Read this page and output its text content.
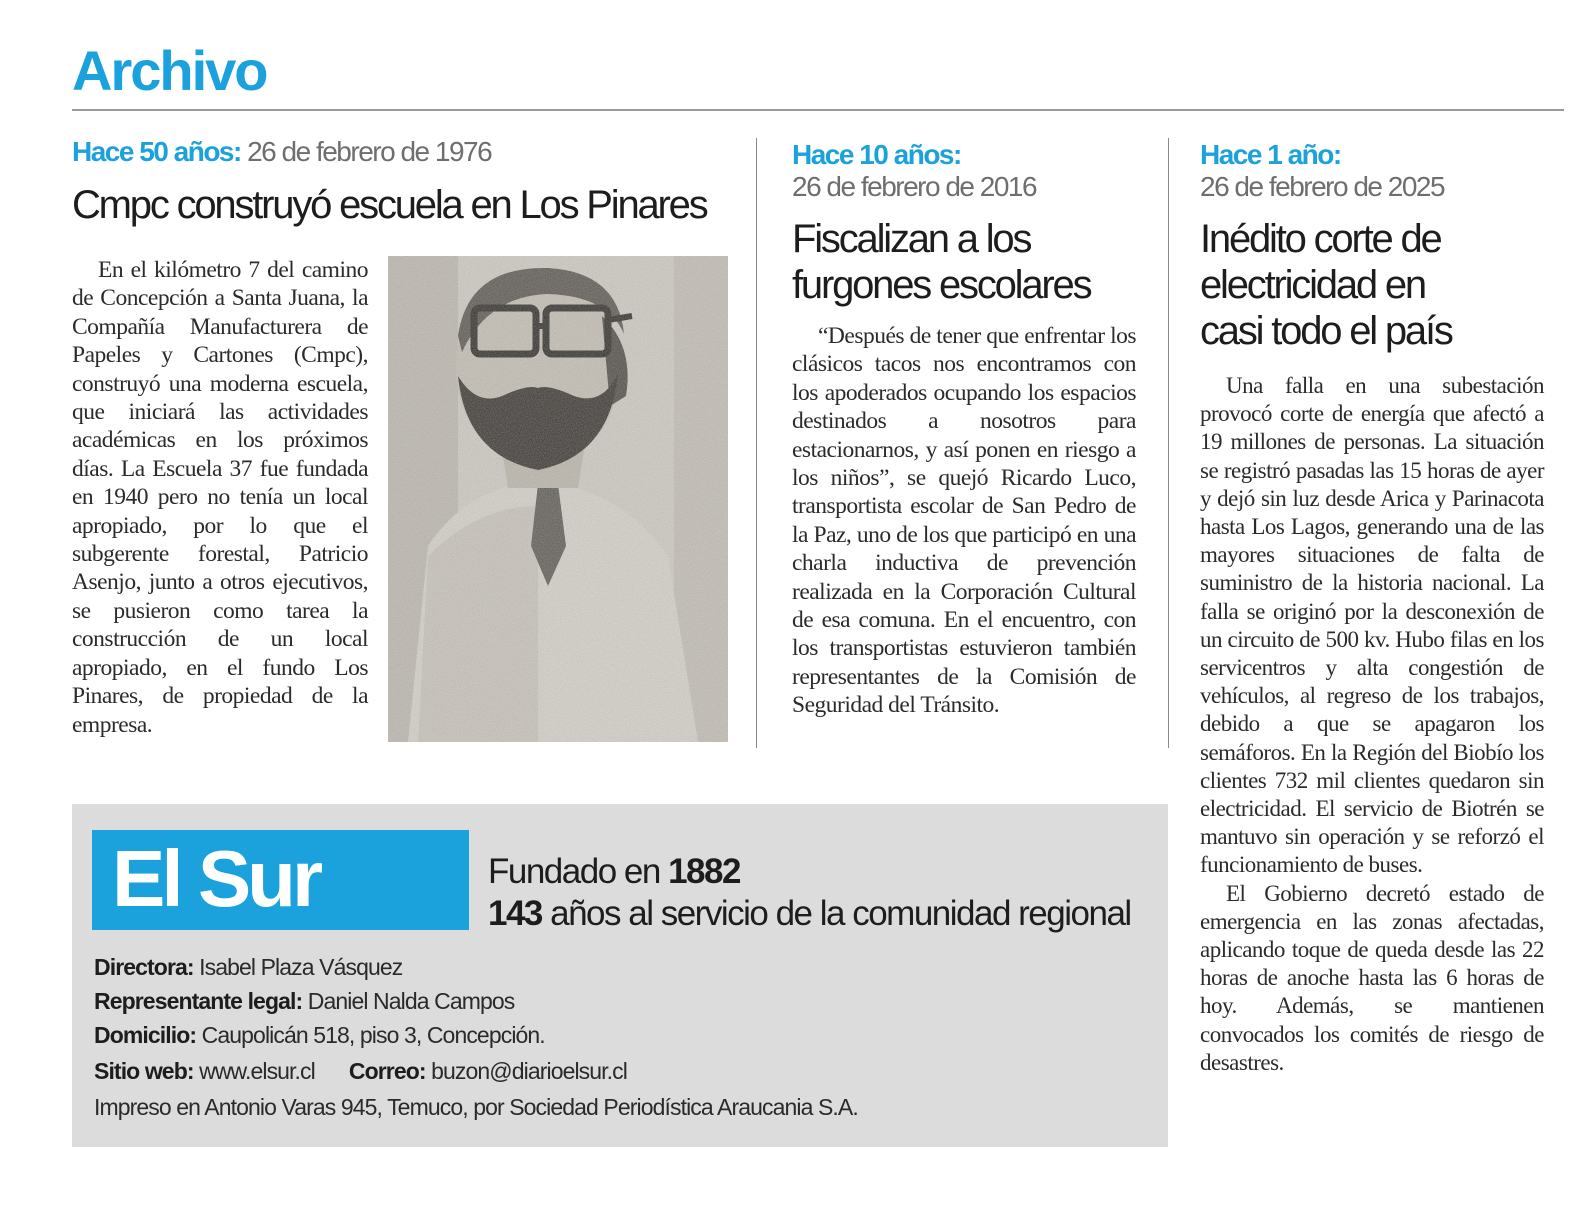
Archivo
Hace 50 años: 26 de febrero de 1976
Cmpc construyó escuela en Los Pinares

En el kilómetro 7 del camino de Concepción a Santa Juana, la Compañía Manufacturera de Papeles y Cartones (Cmpc), construyó una moderna escuela, que iniciará las actividades académicas en los próximos días. La Escuela 37 fue fundada en 1940 pero no tenía un local apropiado, por lo que el subgerente forestal, Patricio Asenjo, junto a otros ejecutivos, se pusieron como tarea la construcción de un local apropiado, en el fundo Los Pinares, de propiedad de la empresa.

Hace 10 años:
26 de febrero de 2016
Fiscalizan a los furgones escolares

“Después de tener que enfrentar los clásicos tacos nos encontramos con los apoderados ocupando los espacios destinados a nosotros para estacionarnos, y así ponen en riesgo a los niños”, se quejó Ricardo Luco, transportista escolar de San Pedro de la Paz, uno de los que participó en una charla inductiva de prevención realizada en la Corporación Cultural de esa comuna. En el encuentro, con los transportistas estuvieron también representantes de la Comisión de Seguridad del Tránsito.

Hace 1 año:
26 de febrero de 2025
Inédito corte de electricidad en casi todo el país

Una falla en una subestación provocó corte de energía que afectó a 19 millones de personas. La situación se registró pasadas las 15 horas de ayer y dejó sin luz desde Arica y Parinacota hasta Los Lagos, generando una de las mayores situaciones de falta de suministro de la historia nacional. La falla se originó por la desconexión de un circuito de 500 kv. Hubo filas en los servicentros y alta congestión de vehículos, al regreso de los trabajos, debido a que se apagaron los semáforos. En la Región del Biobío los clientes 732 mil clientes quedaron sin electricidad. El servicio de Biotrén se mantuvo sin operación y se reforzó el funcionamiento de buses.

El Gobierno decretó estado de emergencia en las zonas afectadas, aplicando toque de queda desde las 22 horas de anoche hasta las 6 horas de hoy. Además, se mantienen convocados los comités de riesgo de desastres.

El Sur	Fundado en 1882

143 años al servicio de la comunidad regional

Directora: Isabel Plaza Vásquez

Representante legal: Daniel Nalda Campos

Domicilio: Caupolicán 518, piso 3, Concepción.

Sitio web: www.elsur.cl Correo: buzon@diarioelsur.cl

Impreso en Antonio Varas 945, Temuco, por Sociedad Periodística Araucania S.A.
